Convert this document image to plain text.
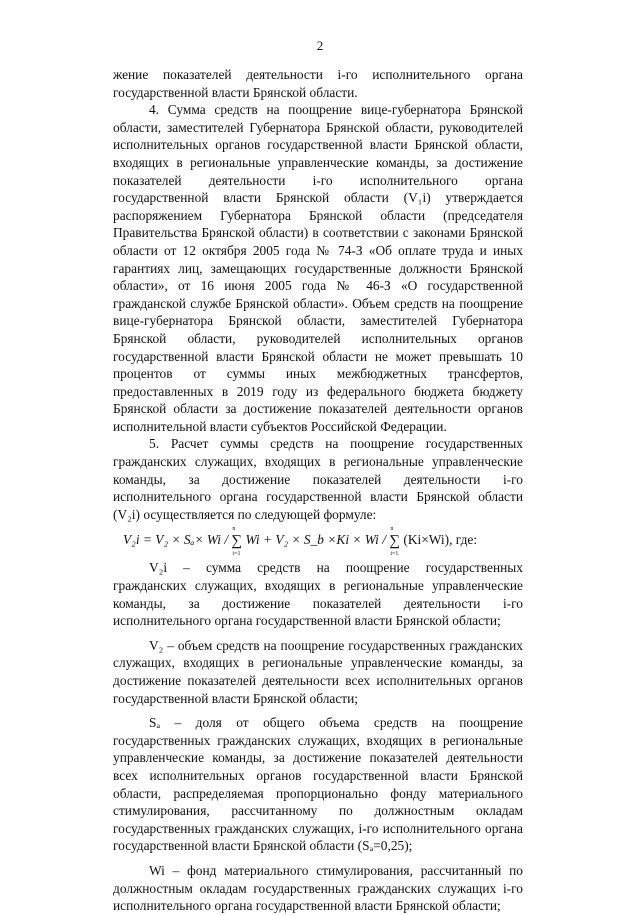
2

жение показателей деятельности i-го исполнительного органа государственной власти Брянской области.

4. Сумма средств на поощрение вице-губернатора Брянской области, заместителей Губернатора Брянской области, руководителей исполнительных органов государственной власти Брянской области, входящих в региональные управленческие команды, за достижение показателей деятельности i-го исполнительного органа государственной власти Брянской области (V₁i) утверждается распоряжением Губернатора Брянской области (председателя Правительства Брянской области) в соответствии с законами Брянской области от 12 октября 2005 года № 74-З «Об оплате труда и иных гарантиях лиц, замещающих государственные должности Брянской области», от 16 июня 2005 года № 46-З «О государственной гражданской службе Брянской области». Объем средств на поощрение вице-губернатора Брянской области, заместителей Губернатора Брянской области, руководителей исполнительных органов государственной власти Брянской области не может превышать 10 процентов от суммы иных межбюджетных трансфертов, предоставленных в 2019 году из федерального бюджета бюджету Брянской области за достижение показателей деятельности органов исполнительной власти субъектов Российской Федерации.

5. Расчет суммы средств на поощрение государственных гражданских служащих, входящих в региональные управленческие команды, за достижение показателей деятельности i-го исполнительного органа государственной власти Брянской области (V₂i) осуществляется по следующей формуле:

V₂i = V₂ × Sₐ× Wi / ∑
n
i=1
Wi + V₂ × S_b ×Ki × Wi / ∑
n
i=1
(Ki×Wi), где:

V₂i – сумма средств на поощрение государственных гражданских служащих, входящих в региональные управленческие команды, за достижение показателей деятельности i-го исполнительного органа государственной власти Брянской области;

V₂ – объем средств на поощрение государственных гражданских служащих, входящих в региональные управленческие команды, за достижение показателей деятельности всех исполнительных органов государственной власти Брянской области;

Sₐ – доля от общего объема средств на поощрение государственных гражданских служащих, входящих в региональные управленческие команды, за достижение показателей деятельности всех исполнительных органов государственной власти Брянской области, распределяемая пропорционально фонду материального стимулирования, рассчитанному по должностным окладам государственных гражданских служащих, i-го исполнительного органа государственной власти Брянской области (Sₐ=0,25);

Wi – фонд материального стимулирования, рассчитанный по должностным окладам государственных гражданских служащих i-го исполнительного органа государственной власти Брянской области;
